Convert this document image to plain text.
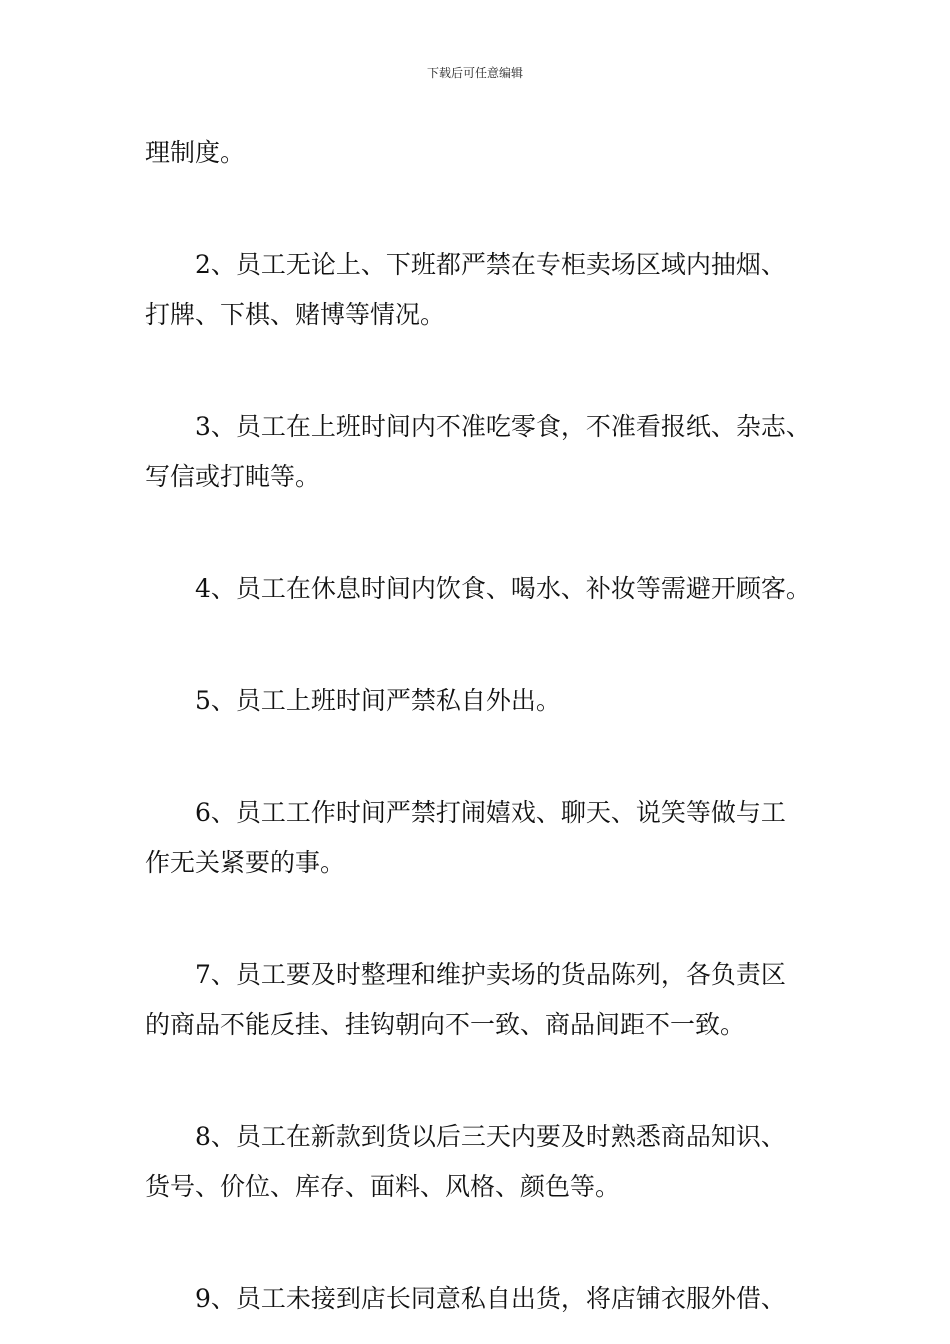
下载后可任意编辑

理制度。

2、员工无论上、下班都严禁在专柜卖场区域内抽烟、
打牌、下棋、赌博等情况。

3、员工在上班时间内不准吃零食，不准看报纸、杂志、
写信或打盹等。

4、员工在休息时间内饮食、喝水、补妆等需避开顾客。

5、员工上班时间严禁私自外出。

6、员工工作时间严禁打闹嬉戏、聊天、说笑等做与工
作无关紧要的事。

7、员工要及时整理和维护卖场的货品陈列，各负责区
的商品不能反挂、挂钩朝向不一致、商品间距不一致。

8、员工在新款到货以后三天内要及时熟悉商品知识、
货号、价位、库存、面料、风格、颜色等。

9、员工未接到店长同意私自出货，将店铺衣服外借、
